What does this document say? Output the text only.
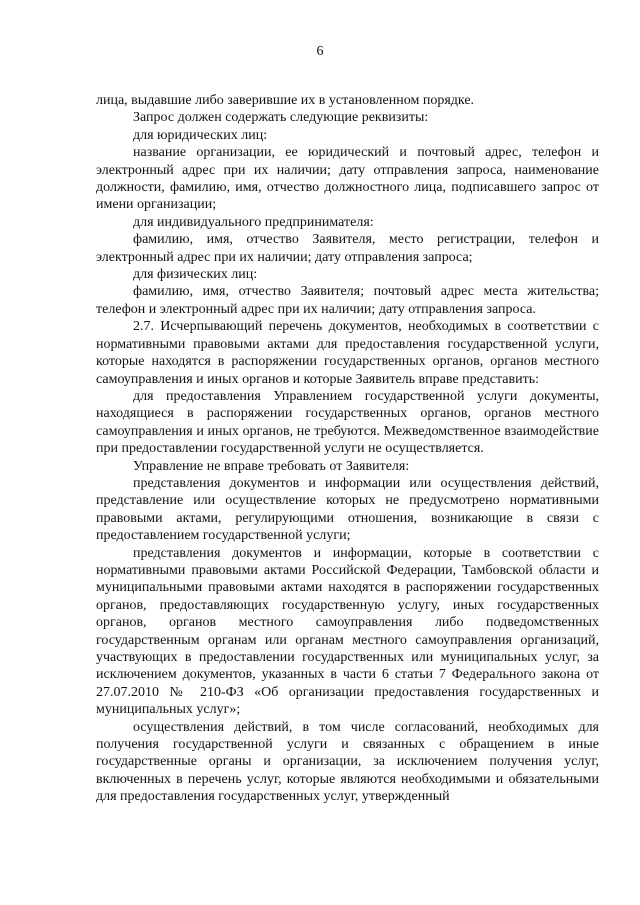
6

лица, выдавшие либо заверившие их в установленном порядке.

Запрос должен содержать следующие реквизиты:

для юридических лиц:

название организации, ее юридический и почтовый адрес, телефон и электронный адрес при их наличии; дату отправления запроса, наименование должности, фамилию, имя, отчество должностного лица, подписавшего запрос от имени организации;

для индивидуального предпринимателя:

фамилию, имя, отчество Заявителя, место регистрации, телефон и электронный адрес при их наличии; дату отправления запроса;

для физических лиц:

фамилию, имя, отчество Заявителя; почтовый адрес места жительства; телефон и электронный адрес при их наличии; дату отправления запроса.

2.7. Исчерпывающий перечень документов, необходимых в соответствии с нормативными правовыми актами для предоставления государственной услуги, которые находятся в распоряжении государственных органов, органов местного самоуправления и иных органов и которые Заявитель вправе представить:

для предоставления Управлением государственной услуги документы, находящиеся в распоряжении государственных органов, органов местного самоуправления и иных органов, не требуются. Межведомственное взаимодействие при предоставлении государственной услуги не осуществляется.

Управление не вправе требовать от Заявителя:

представления документов и информации или осуществления действий, представление или осуществление которых не предусмотрено нормативными правовыми актами, регулирующими отношения, возникающие в связи с предоставлением государственной услуги;

представления документов и информации, которые в соответствии с нормативными правовыми актами Российской Федерации, Тамбовской области и муниципальными правовыми актами находятся в распоряжении государственных органов, предоставляющих государственную услугу, иных государственных органов, органов местного самоуправления либо подведомственных государственным органам или органам местного самоуправления организаций, участвующих в предоставлении государственных или муниципальных услуг, за исключением документов, указанных в части 6 статьи 7 Федерального закона от 27.07.2010 № 210-ФЗ «Об организации предоставления государственных и муниципальных услуг»;

осуществления действий, в том числе согласований, необходимых для получения государственной услуги и связанных с обращением в иные государственные органы и организации, за исключением получения услуг, включенных в перечень услуг, которые являются необходимыми и обязательными для предоставления государственных услуг, утвержденный
